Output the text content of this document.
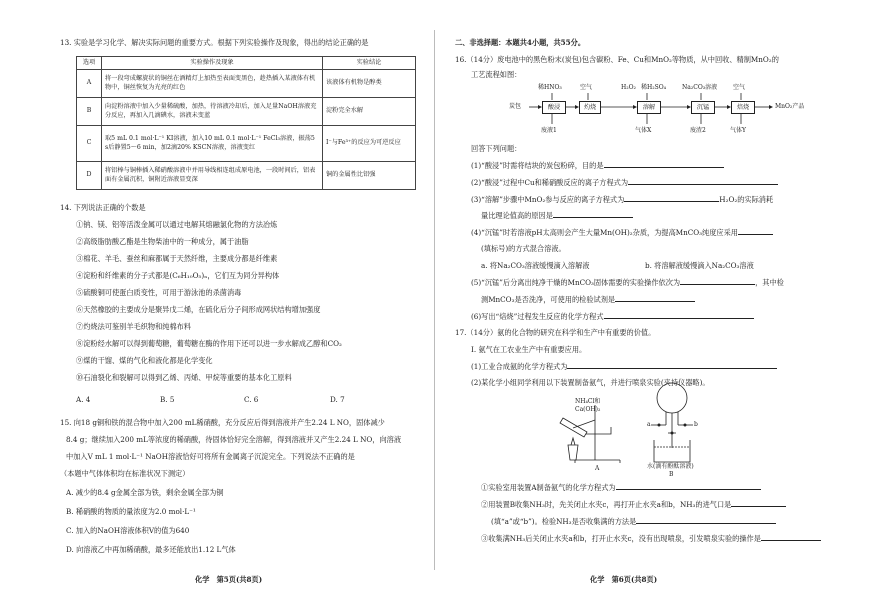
13. 实验是学习化学、解决实际问题的重要方式。根据下列实验操作及现象，得出的结论正确的是
选项	实验操作及现象	实验结论
A	将一段弯成螺旋状的铜丝在酒精灯上加热至表面变黑色，趁热插入某液体有机物中，铜丝恢复为光亮的红色	该液体有机物是醇类
B	向淀粉溶液中加入少量稀硫酸，加热，待溶液冷却后，加入足量NaOH溶液充分反应，再加入几滴碘水，溶液未变蓝	淀粉完全水解
C	取5 mL 0.1 mol·L⁻¹ KI溶液，加入10 mL 0.1 mol·L⁻¹ FeCl₃溶液，振荡5 s后静置5～6 min，加2滴20% KSCN溶液，溶液变红	I⁻与Fe³⁺的反应为可逆反应
D	将铝棒与铜棒插入稀硝酸溶液中并用导线相连组成原电池，一段时间后，铝表面有金属沉积，铜附近溶液显变深	铜的金属性比铝强
14. 下列说法正确的个数是
①钠、镁、铝等活泼金属可以通过电解其熔融氯化物的方法冶炼
②高级脂肪酸乙酯是生物柴油中的一种成分，属于油脂
③棉花、羊毛、蚕丝和麻都属于天然纤维，主要成分都是纤维素
④淀粉和纤维素的分子式都是(C₆H₁₀O₅)ₙ，它们互为同分异构体
⑤硫酸铜可使蛋白质变性，可用于游泳池的杀菌消毒
⑥天然橡胶的主要成分是聚异戊二烯，在硫化后分子间形成网状结构增加强度
⑦灼烧法可鉴别羊毛织物和纯棉布料
⑧淀粉经水解可以得到葡萄糖，葡萄糖在酶的作用下还可以进一步水解成乙醇和CO₂
⑨煤的干馏、煤的气化和液化都是化学变化
⑩石油裂化和裂解可以得到乙烯、丙烯、甲烷等重要的基本化工原料
A. 4	B. 5	C. 6	D. 7
15. 向18 g铜和铁的混合物中加入200 mL稀硝酸，充分反应后得到溶液并产生2.24 L NO，固体减少
8.4 g；继续加入200 mL等浓度的稀硝酸，待固体恰好完全溶解，得到溶液并又产生2.24 L NO，向溶液
中加入V mL 1 mol·L⁻¹ NaOH溶液恰好可将所有金属离子沉淀完全。下列说法不正确的是
（本题中气体体积均在标准状况下测定）
A. 减少的8.4 g金属全部为铁，剩余金属全部为铜
B. 稀硝酸的物质的量浓度为2.0 mol·L⁻¹
C. 加入的NaOH溶液体积V的值为640
D. 向溶液乙中再加稀硝酸，最多还能放出1.12 L气体
化学　第5页(共8页)
二、非选择题：本题共4小题，共55分。
16.（14分）废电池中的黑色粉末(炭包)包含碳粉、Fe、Cu和MnO₂等物质，从中回收、精制MnO₂的
工艺流程如图：
稀HNO₃	空气	H₂O₂ 稀H₂SO₄	Na₂CO₃溶液	空气
炭包	酸浸	灼烧	溶解	沉锰	焙烧	MnO₂产品
废液1	气体X	废渣2	气体Y
回答下列问题：
(1)“酸浸”时需将结块的炭包粉碎，目的是
(2)“酸浸”过程中Cu和稀硝酸反应的离子方程式为
(3)“溶解”步骤中MnO₂参与反应的离子方程式为	H₂O₂的实际消耗
量比理论值高的原因是
(4)“沉锰”时若溶液pH太高则会产生大量Mn(OH)₂杂质，为提高MnCO₃纯度应采用
(填标号)的方式混合溶液。
a. 将Na₂CO₃溶液缓慢滴入溶解液	b. 将溶解液缓慢滴入Na₂CO₃溶液
(5)“沉锰”后分离出纯净干燥的MnCO₃固体需要的实验操作依次为	，其中检
测MnCO₃是否洗净，可使用的检验试剂是
(6)写出“焙烧”过程发生反应的化学方程式
17.（14分）氨的化合物的研究在科学和生产中有重要的价值。
Ⅰ. 氨气在工农业生产中有重要应用。
(1)工业合成氨的化学方程式为
(2)某化学小组同学利用以下装置制备氨气，并进行喷泉实验(夹持仪器略)。
NH₄Cl和
Ca(OH)₂
a	b
A	水(滴有酚酞溶液)
B
①实验室用装置A制备氨气的化学方程式为
②用装置B收集NH₃时，先关闭止水夹c，再打开止水夹a和b，NH₃的进气口是
(填“a”或“b”)。检验NH₃是否收集满的方法是
③收集满NH₃后关闭止水夹a和b，打开止水夹c，没有出现喷泉，引发喷泉实验的操作是
化学　第6页(共8页)
